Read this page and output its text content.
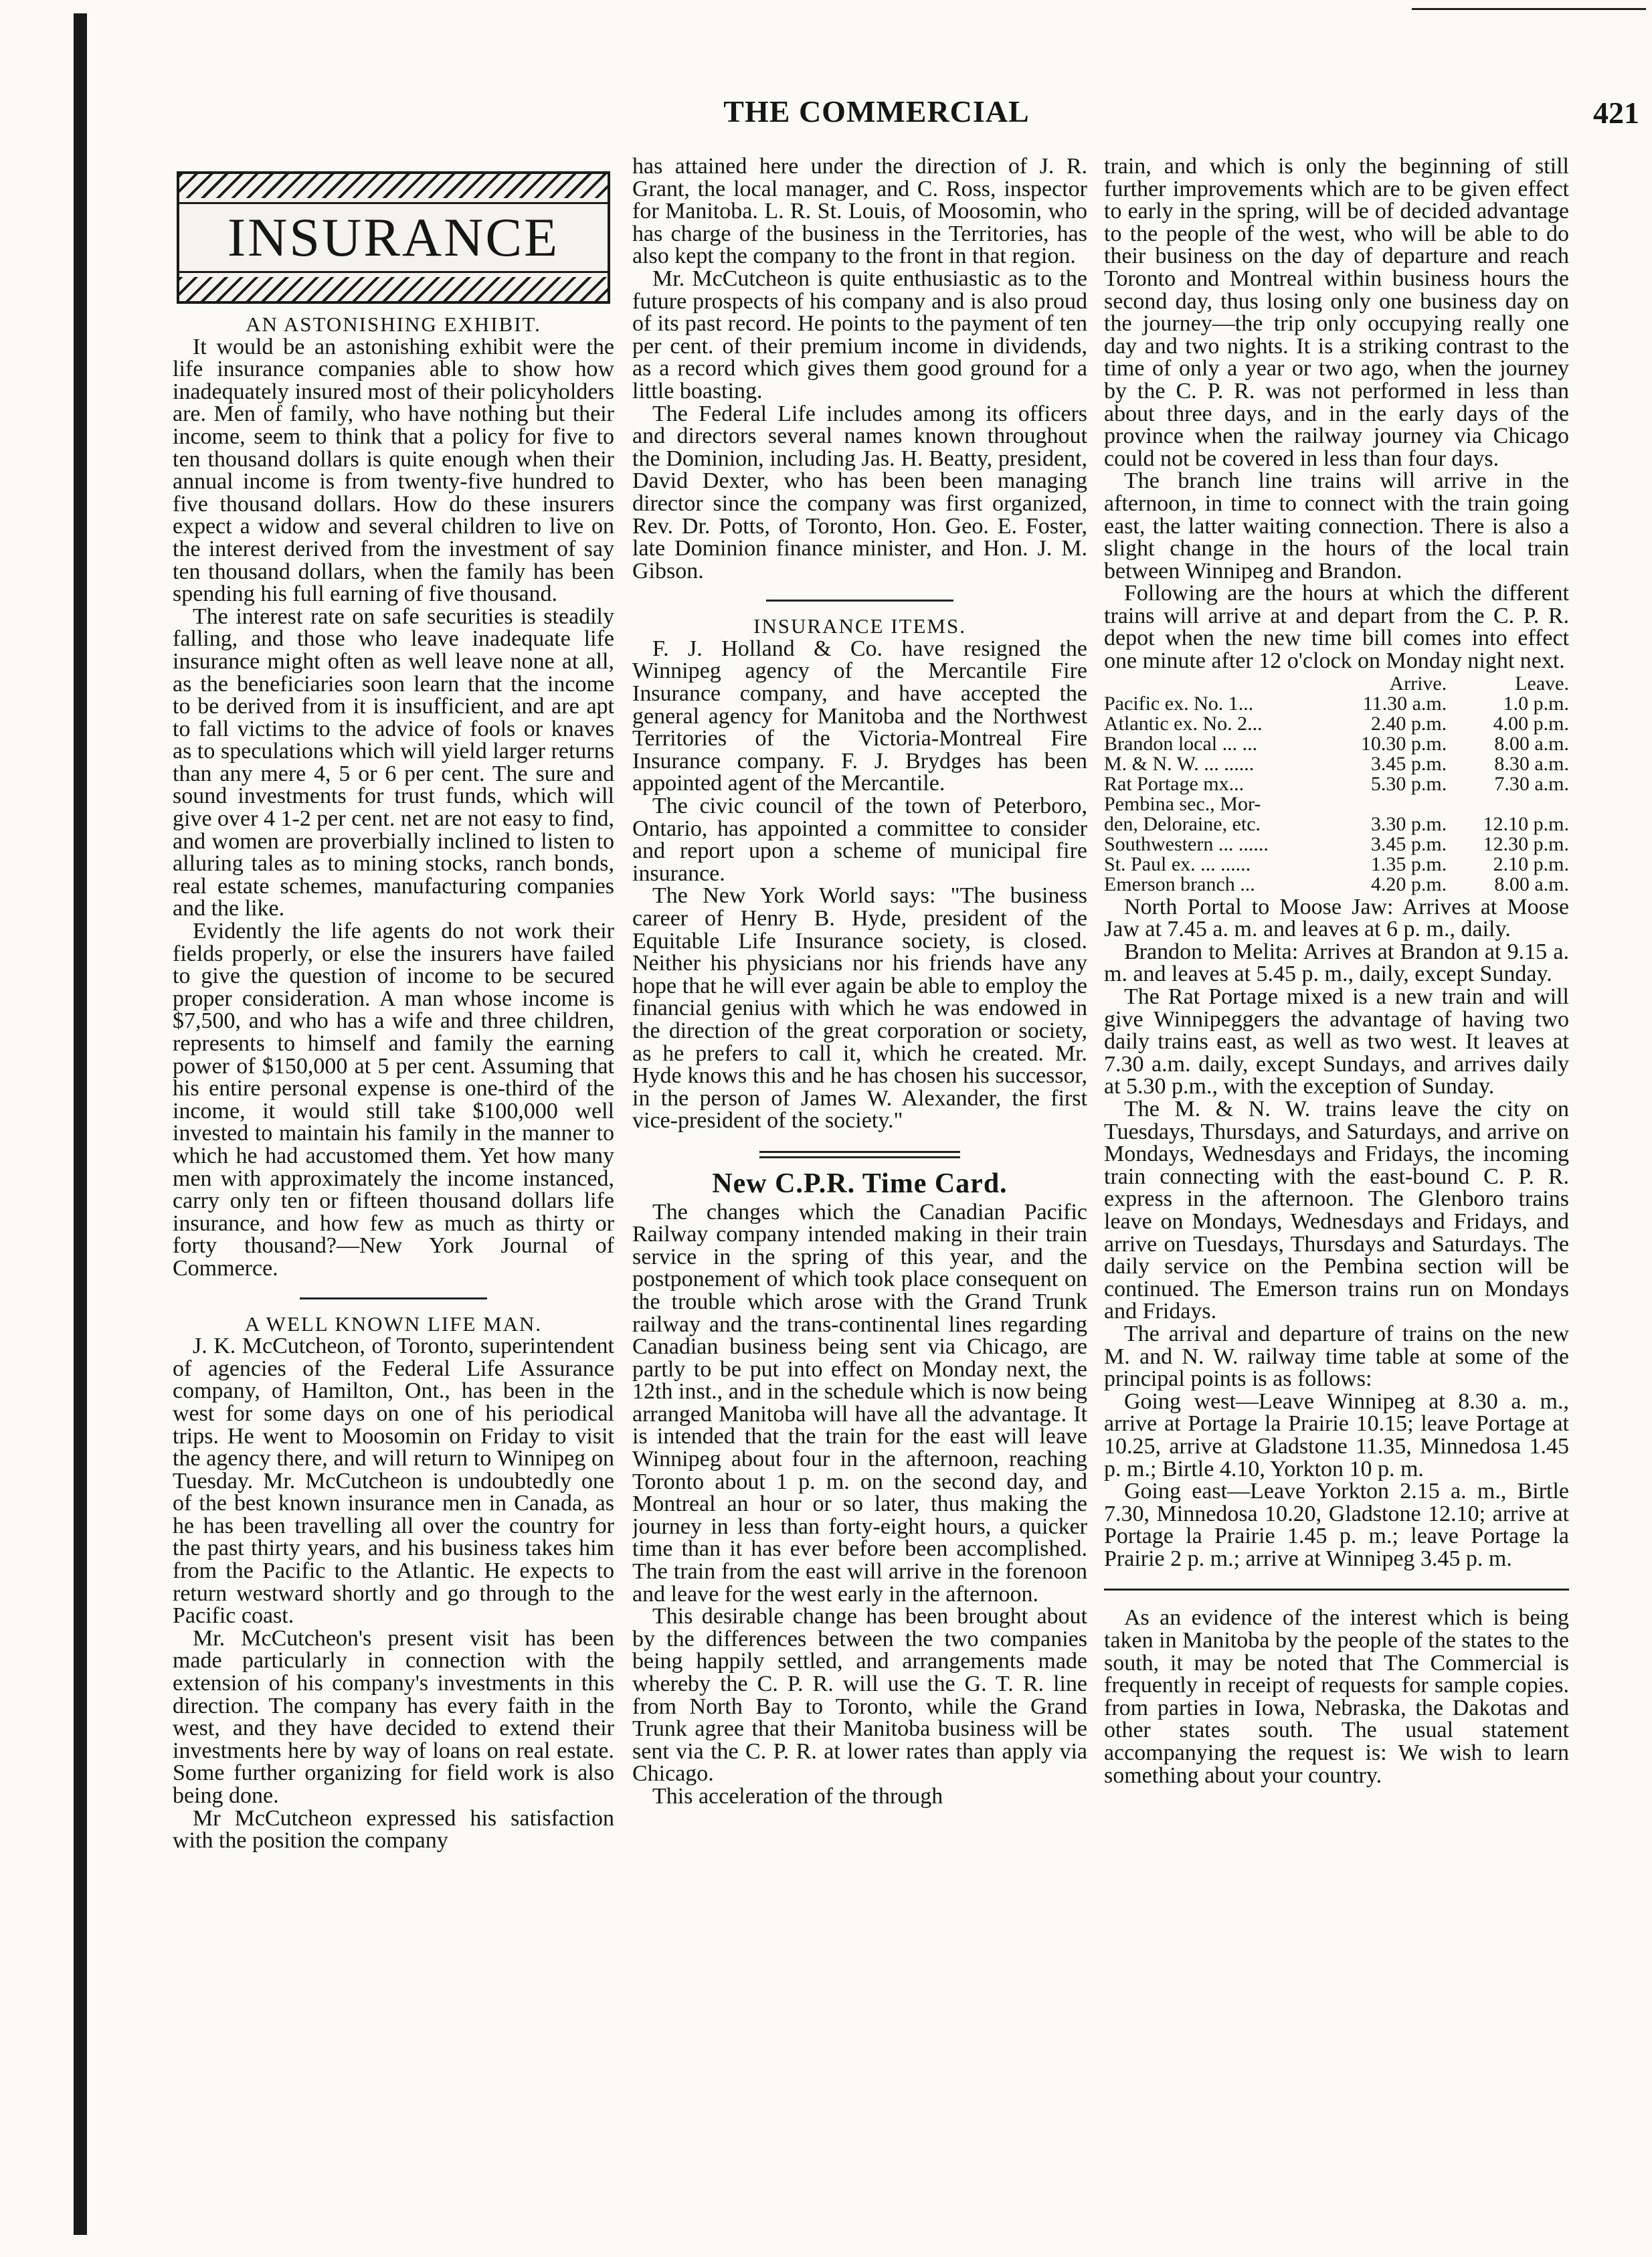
THE COMMERCIAL	421
INSURANCE

AN ASTONISHING EXHIBIT.

It would be an astonishing exhibit were the life insurance companies able to show how inadequately insured most of their policyholders are. Men of family, who have nothing but their income, seem to think that a policy for five to ten thousand dollars is quite enough when their annual income is from twenty-five hundred to five thousand dollars. How do these insurers expect a widow and several children to live on the interest derived from the investment of say ten thousand dollars, when the family has been spending his full earning of five thousand.

The interest rate on safe securities is steadily falling, and those who leave inadequate life insurance might often as well leave none at all, as the beneficiaries soon learn that the income to be derived from it is insufficient, and are apt to fall victims to the advice of fools or knaves as to speculations which will yield larger returns than any mere 4, 5 or 6 per cent. The sure and sound investments for trust funds, which will give over 4 1-2 per cent. net are not easy to find, and women are proverbially inclined to listen to alluring tales as to mining stocks, ranch bonds, real estate schemes, manufacturing companies and the like.

Evidently the life agents do not work their fields properly, or else the insurers have failed to give the question of income to be secured proper consideration. A man whose income is $7,500, and who has a wife and three children, represents to himself and family the earning power of $150,000 at 5 per cent. Assuming that his entire personal expense is one-third of the income, it would still take $100,000 well invested to maintain his family in the manner to which he had accustomed them. Yet how many men with approximately the income instanced, carry only ten or fifteen thousand dollars life insurance, and how few as much as thirty or forty thousand?—New York Journal of Commerce.

A WELL KNOWN LIFE MAN.

J. K. McCutcheon, of Toronto, superintendent of agencies of the Federal Life Assurance company, of Hamilton, Ont., has been in the west for some days on one of his periodical trips. He went to Moosomin on Friday to visit the agency there, and will return to Winnipeg on Tuesday. Mr. McCutcheon is undoubtedly one of the best known insurance men in Canada, as he has been travelling all over the country for the past thirty years, and his business takes him from the Pacific to the Atlantic. He expects to return westward shortly and go through to the Pacific coast.

Mr. McCutcheon's present visit has been made particularly in connection with the extension of his company's investments in this direction. The company has every faith in the west, and they have decided to extend their investments here by way of loans on real estate. Some further organizing for field work is also being done.

Mr McCutcheon expressed his satisfaction with the position the company

has attained here under the direction of J. R. Grant, the local manager, and C. Ross, inspector for Manitoba. L. R. St. Louis, of Moosomin, who has charge of the business in the Territories, has also kept the company to the front in that region.

Mr. McCutcheon is quite enthusiastic as to the future prospects of his company and is also proud of its past record. He points to the payment of ten per cent. of their premium income in dividends, as a record which gives them good ground for a little boasting.

The Federal Life includes among its officers and directors several names known throughout the Dominion, including Jas. H. Beatty, president, David Dexter, who has been been managing director since the company was first organized, Rev. Dr. Potts, of Toronto, Hon. Geo. E. Foster, late Dominion finance minister, and Hon. J. M. Gibson.

INSURANCE ITEMS.

F. J. Holland & Co. have resigned the Winnipeg agency of the Mercantile Fire Insurance company, and have accepted the general agency for Manitoba and the Northwest Territories of the Victoria-Montreal Fire Insurance company. F. J. Brydges has been appointed agent of the Mercantile.

The civic council of the town of Peterboro, Ontario, has appointed a committee to consider and report upon a scheme of municipal fire insurance.

The New York World says: "The business career of Henry B. Hyde, president of the Equitable Life Insurance society, is closed. Neither his physicians nor his friends have any hope that he will ever again be able to employ the financial genius with which he was endowed in the direction of the great corporation or society, as he prefers to call it, which he created. Mr. Hyde knows this and he has chosen his successor, in the person of James W. Alexander, the first vice-president of the society."

New C.P.R. Time Card.

The changes which the Canadian Pacific Railway company intended making in their train service in the spring of this year, and the postponement of which took place consequent on the trouble which arose with the Grand Trunk railway and the trans-continental lines regarding Canadian business being sent via Chicago, are partly to be put into effect on Monday next, the 12th inst., and in the schedule which is now being arranged Manitoba will have all the advantage. It is intended that the train for the east will leave Winnipeg about four in the afternoon, reaching Toronto about 1 p. m. on the second day, and Montreal an hour or so later, thus making the journey in less than forty-eight hours, a quicker time than it has ever before been accomplished. The train from the east will arrive in the forenoon and leave for the west early in the afternoon.

This desirable change has been brought about by the differences between the two companies being happily settled, and arrangements made whereby the C. P. R. will use the G. T. R. line from North Bay to Toronto, while the Grand Trunk agree that their Manitoba business will be sent via the C. P. R. at lower rates than apply via Chicago.

This acceleration of the through

train, and which is only the beginning of still further improvements which are to be given effect to early in the spring, will be of decided advantage to the people of the west, who will be able to do their business on the day of departure and reach Toronto and Montreal within business hours the second day, thus losing only one business day on the journey—the trip only occupying really one day and two nights. It is a striking contrast to the time of only a year or two ago, when the journey by the C. P. R. was not performed in less than about three days, and in the early days of the province when the railway journey via Chicago could not be covered in less than four days.

The branch line trains will arrive in the afternoon, in time to connect with the train going east, the latter waiting connection. There is also a slight change in the hours of the local train between Winnipeg and Brandon.

Following are the hours at which the different trains will arrive at and depart from the C. P. R. depot when the new time bill comes into effect one minute after 12 o'clock on Monday night next.

	Arrive.	Leave.
Pacific ex. No. 1...	11.30 a.m.	1.0 p.m.
Atlantic ex. No. 2...	2.40 p.m.	4.00 p.m.
Brandon local ... ...	10.30 p.m.	8.00 a.m.
M. & N. W. ... ......	3.45 p.m.	8.30 a.m.
Rat Portage mx...	5.30 p.m.	7.30 a.m.
Pembina sec., Mor-		
den, Deloraine, etc.	3.30 p.m.	12.10 p.m.
Southwestern ... ......	3.45 p.m.	12.30 p.m.
St. Paul ex. ... ......	1.35 p.m.	2.10 p.m.
Emerson branch ...	4.20 p.m.	8.00 a.m.

North Portal to Moose Jaw: Arrives at Moose Jaw at 7.45 a. m. and leaves at 6 p. m., daily.

Brandon to Melita: Arrives at Brandon at 9.15 a. m. and leaves at 5.45 p. m., daily, except Sunday.

The Rat Portage mixed is a new train and will give Winnipeggers the advantage of having two daily trains east, as well as two west. It leaves at 7.30 a.m. daily, except Sundays, and arrives daily at 5.30 p.m., with the exception of Sunday.

The M. & N. W. trains leave the city on Tuesdays, Thursdays, and Saturdays, and arrive on Mondays, Wednesdays and Fridays, the incoming train connecting with the east-bound C. P. R. express in the afternoon. The Glenboro trains leave on Mondays, Wednesdays and Fridays, and arrive on Tuesdays, Thursdays and Saturdays. The daily service on the Pembina section will be continued. The Emerson trains run on Mondays and Fridays.

The arrival and departure of trains on the new M. and N. W. railway time table at some of the principal points is as follows:

Going west—Leave Winnipeg at 8.30 a. m., arrive at Portage la Prairie 10.15; leave Portage at 10.25, arrive at Gladstone 11.35, Minnedosa 1.45 p. m.; Birtle 4.10, Yorkton 10 p. m.

Going east—Leave Yorkton 2.15 a. m., Birtle 7.30, Minnedosa 10.20, Gladstone 12.10; arrive at Portage la Prairie 1.45 p. m.; leave Portage la Prairie 2 p. m.; arrive at Winnipeg 3.45 p. m.

As an evidence of the interest which is being taken in Manitoba by the people of the states to the south, it may be noted that The Commercial is frequently in receipt of requests for sample copies. from parties in Iowa, Nebraska, the Dakotas and other states south. The usual statement accompanying the request is: We wish to learn something about your country.
